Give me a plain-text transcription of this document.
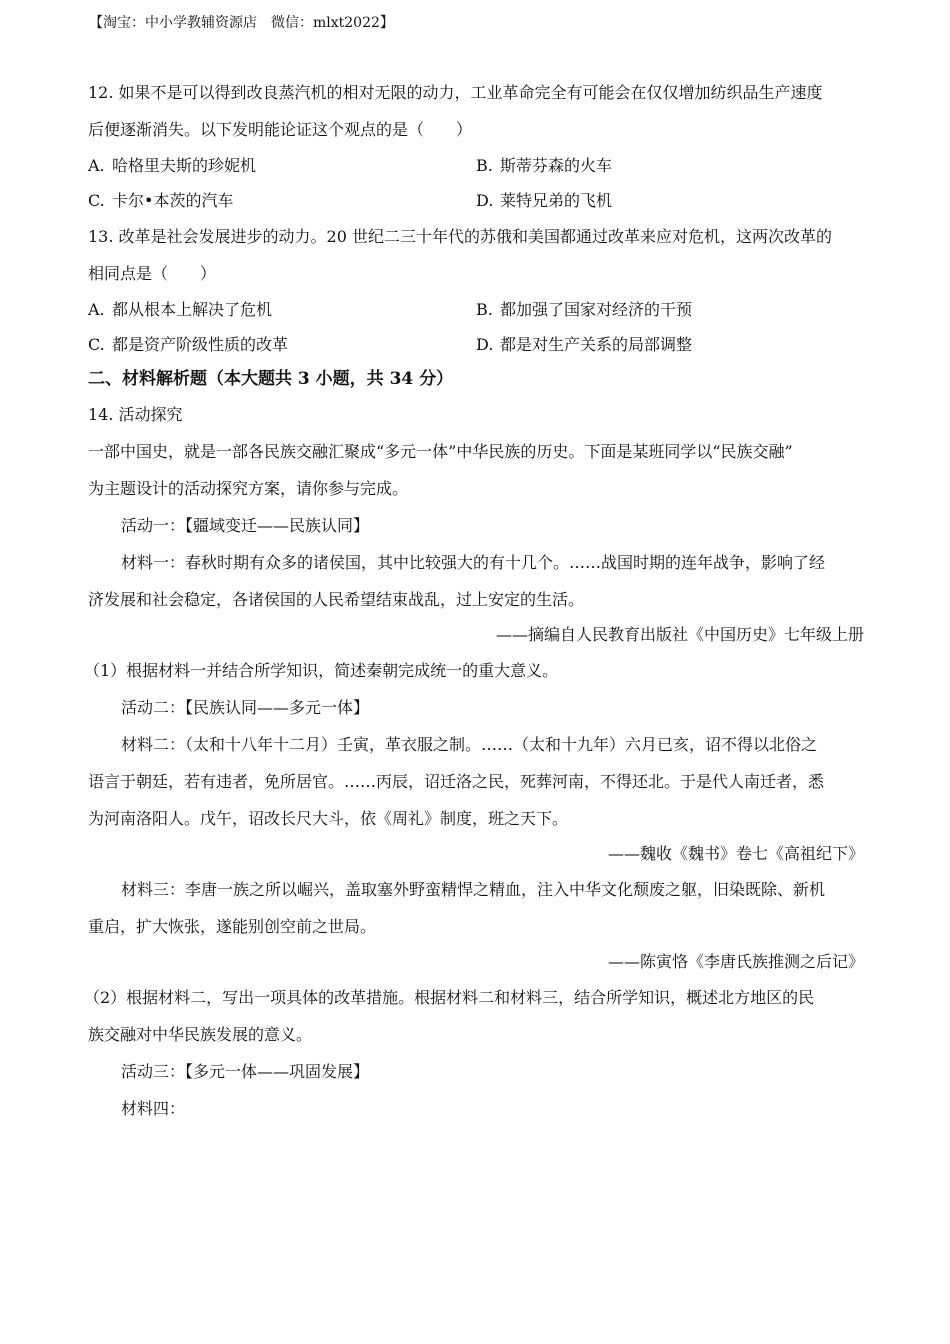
【淘宝：中小学教辅资源店　微信：mlxt2022】
12. 如果不是可以得到改良蒸汽机的相对无限的动力，工业革命完全有可能会在仅仅增加纺织品生产速度
后便逐渐消失。以下发明能论证这个观点的是（　　）
A. 哈格里夫斯的珍妮机	B. 斯蒂芬森的火车
C. 卡尔•本茨的汽车	D. 莱特兄弟的飞机
13. 改革是社会发展进步的动力。20 世纪二三十年代的苏俄和美国都通过改革来应对危机，这两次改革的
相同点是（　　）
A. 都从根本上解决了危机	B. 都加强了国家对经济的干预
C. 都是资产阶级性质的改革	D. 都是对生产关系的局部调整
二、材料解析题（本大题共 3 小题，共 34 分）
14. 活动探究
一部中国史，就是一部各民族交融汇聚成“多元一体”中华民族的历史。下面是某班同学以“民族交融”
为主题设计的活动探究方案，请你参与完成。
活动一：【疆域变迁——民族认同】
材料一：春秋时期有众多的诸侯国，其中比较强大的有十几个。……战国时期的连年战争，影响了经
济发展和社会稳定，各诸侯国的人民希望结束战乱，过上安定的生活。
——摘编自人民教育出版社《中国历史》七年级上册
（1）根据材料一并结合所学知识，简述秦朝完成统一的重大意义。
活动二：【民族认同——多元一体】
材料二：（太和十八年十二月）壬寅，革衣服之制。……（太和十九年）六月已亥，诏不得以北俗之
语言于朝廷，若有违者，免所居官。……丙辰，诏迁洛之民，死葬河南，不得还北。于是代人南迁者，悉
为河南洛阳人。戊午，诏改长尺大斗，依《周礼》制度，班之天下。
——魏收《魏书》卷七《高祖纪下》
材料三：李唐一族之所以崛兴，盖取塞外野蛮精悍之精血，注入中华文化颓废之躯，旧染既除、新机
重启，扩大恢张，遂能别创空前之世局。
——陈寅恪《李唐氏族推测之后记》
（2）根据材料二，写出一项具体的改革措施。根据材料二和材料三，结合所学知识，概述北方地区的民
族交融对中华民族发展的意义。
活动三：【多元一体——巩固发展】
材料四：
